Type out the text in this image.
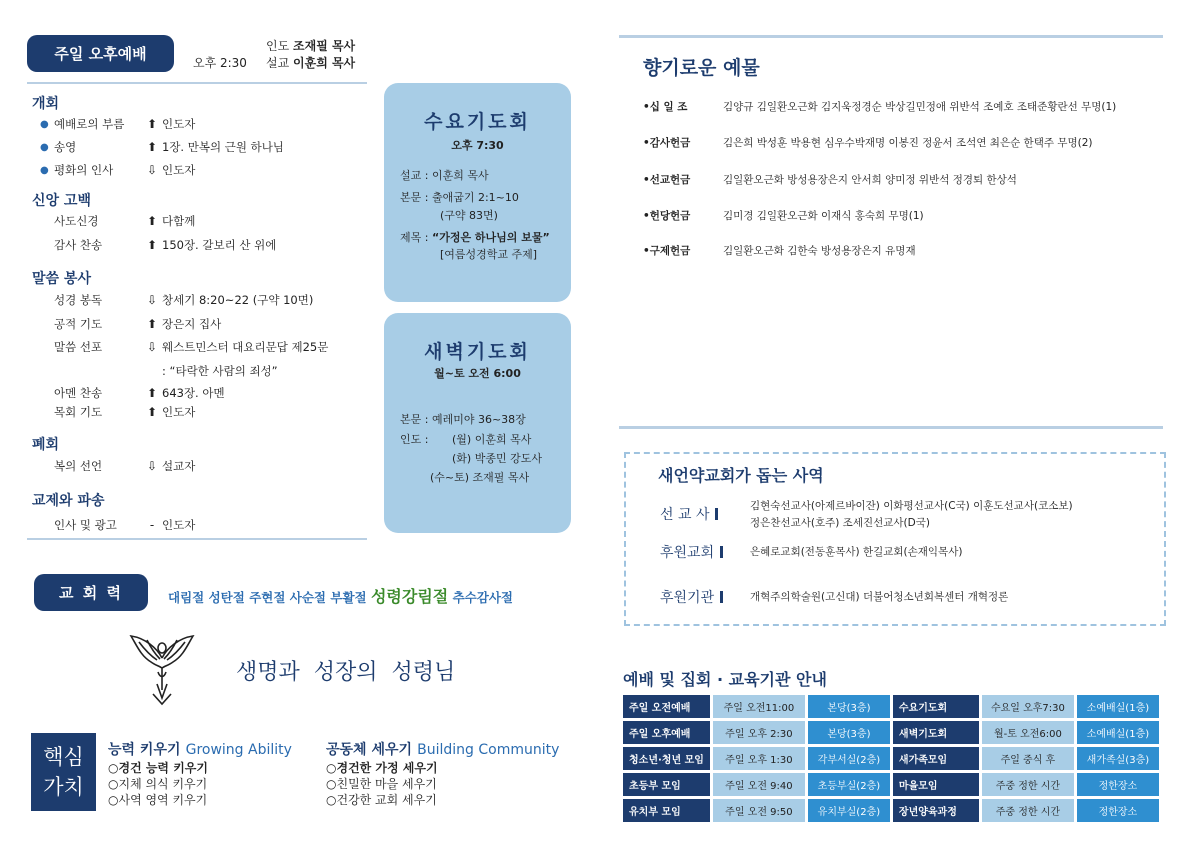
주일 오후예배	오후 2:30
인도 조재필 목사
설교 이훈희 목사
개회
● 예배로의 부름	⬆ 인도자
● 송영	⬆ 1장. 만복의 근원 하나님
● 평화의 인사	⇩ 인도자
신앙 고백
사도신경	⬆ 다함께
감사 찬송	⬆ 150장. 갈보리 산 위에
말씀 봉사
성경 봉독	⇩ 창세기 8:20~22 (구약 10면)
공적 기도	⬆ 장은지 집사
말씀 선포	⇩ 웨스트민스터 대요리문답 제25문
: “타락한 사람의 죄성”
아멘 찬송	⬆ 643장. 아멘
목회 기도	⬆ 인도자
폐회
복의 선언	⇩ 설교자
교제와 파송
인사 및 광고	- 인도자
수요기도회
오후 7:30
설교 : 이훈희 목사
본문 : 출애굽기 2:1~10
(구약 83면)
제목 : “가정은 하나님의 보물”
[여름성경학교 주제]
새벽기도회
월~토 오전 6:00
본문 : 예레미야 36~38장
인도 : (월) 이훈희 목사
(화) 박종민 강도사
(수~토) 조재필 목사
교 회 력	대림절 성탄절 주현절 사순절 부활절 성령강림절 추수감사절
생명과  성장의  성령님
핵심
가치
능력 키우기 Growing Ability
○경건 능력 키우기
○지체 의식 키우기
○사역 영역 키우기
공동체 세우기 Building Community
○경건한 가정 세우기
○친밀한 마을 세우기
○건강한 교회 세우기
향기로운 예물
•십 일 조	김양규 김일환오근화 김지욱정경순 박상길민정애 위반석 조예호 조태준황란선 무명(1)
•감사헌금	김은희 박성훈 박용현 심우수박재명 이봉진 정윤서 조석연 최은순 한택주 무명(2)
•선교헌금	김일환오근화 방성용장은지 안서희 양미정 위반석 정경퇴 한상석
•헌당헌금	김미경 김일환오근화 이재식 홍숙희 무명(1)
•구제헌금	김일환오근화 김한숙 방성용장은지 유명재
새언약교회가 돕는 사역
선 교 사
김현숙선교사(아제르바이잔) 이화평선교사(C국) 이훈도선교사(코소보)
정은찬선교사(호주) 조세진선교사(D국)
후원교회	은혜로교회(전동훈목사) 한길교회(손재익목사)
후원기관	개혁주의학술원(고신대) 더불어청소년회복센터 개혁정론
예배 및 집회 · 교육기관 안내
주일 오전예배	주일 오전11:00	본당(3층)	수요기도회	수요일 오후7:30	소예배실(1층)
주일 오후예배	주일 오후 2:30	본당(3층)	새벽기도회	월-토 오전6:00	소예배실(1층)
청소년·청년 모임	주일 오후 1:30	각부서실(2층)	새가족모임	주일 중식 후	새가족실(3층)
초등부 모임	주일 오전 9:40	초등부실(2층)	마을모임	주중 정한 시간	정한장소
유치부 모임	주일 오전 9:50	유치부실(2층)	장년양육과정	주중 정한 시간	정한장소
